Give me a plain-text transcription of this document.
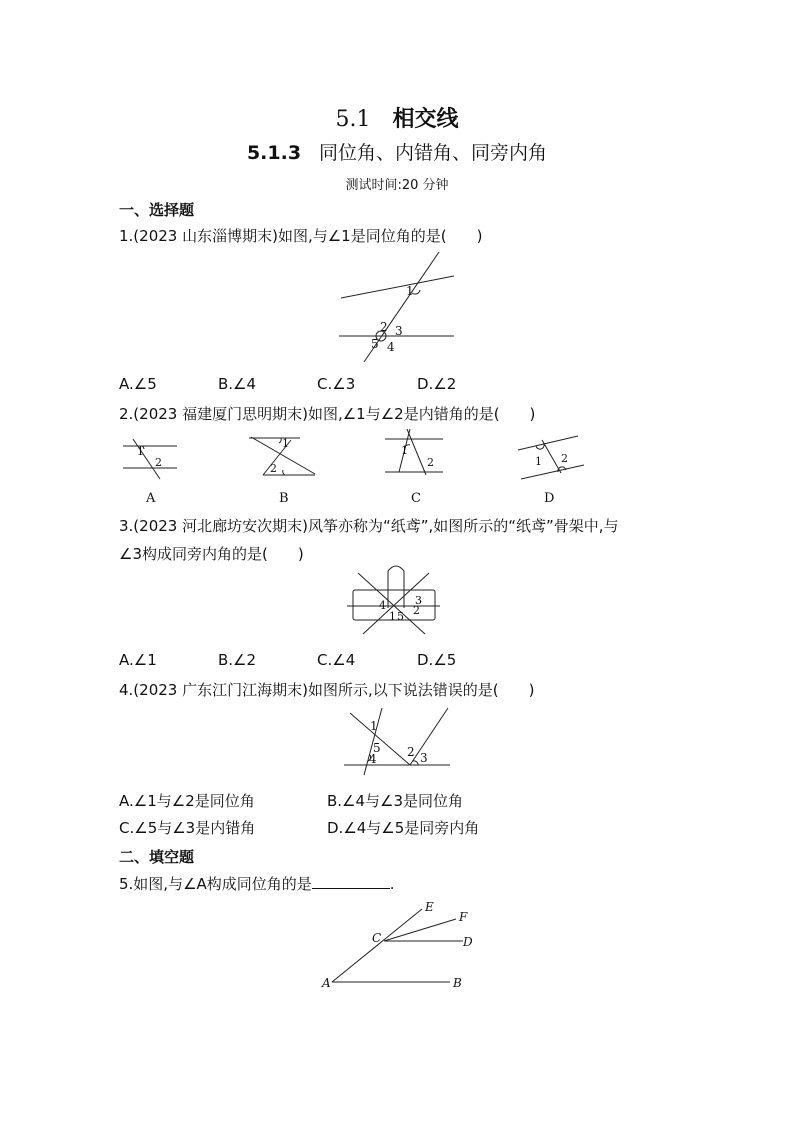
5.1 相交线
5.1.3 同位角、内错角、同旁内角
测试时间:20 分钟
一、选择题
1.(2023 山东淄博期末)如图,与∠1是同位角的是(　　)
1
2 3
5 4
A.∠5	B.∠4	C.∠3	D.∠2
2.(2023 福建厦门思明期末)如图,∠1与∠2是内错角的是(　　)
1
2
A
1
2
B
1
2
C
1 2
D
3.(2023 河北廊坊安次期末)风筝亦称为“纸鸢”,如图所示的“纸鸢”骨架中,与
∠3构成同旁内角的是(　　)
4	3
2
1 5
A.∠1	B.∠2	C.∠4	D.∠5
4.(2023 广东江门江海期末)如图所示,以下说法错误的是(　　)
1
5
4	2 3
A.∠1与∠2是同位角	B.∠4与∠3是同位角
C.∠5与∠3是内错角	D.∠4与∠5是同旁内角
二、填空题
5.如图,与∠A构成同位角的是	.
E
F
C	D
A	B
